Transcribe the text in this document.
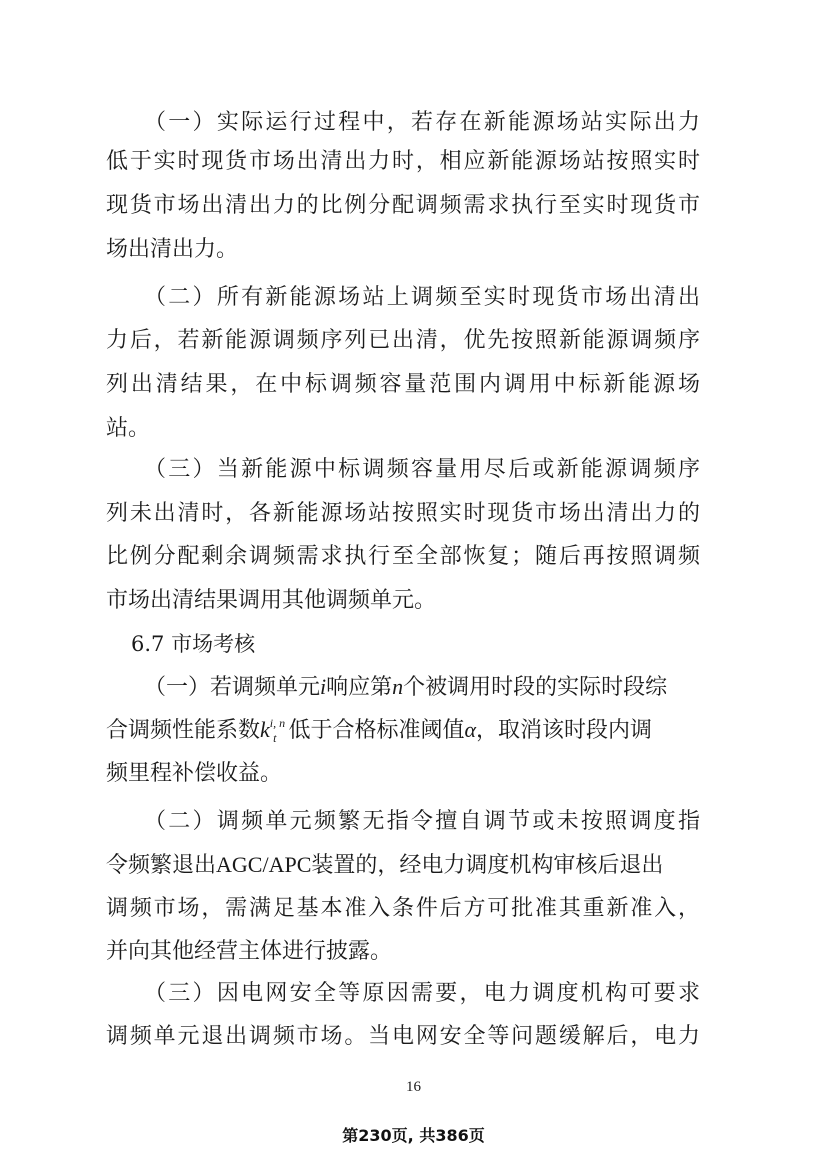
（一）实际运行过程中，若存在新能源场站实际出力
低于实时现货市场出清出力时，相应新能源场站按照实时
现货市场出清出力的比例分配调频需求执行至实时现货市
场出清出力。
（二）所有新能源场站上调频至实时现货市场出清出
力后，若新能源调频序列已出清，优先按照新能源调频序
列出清结果，在中标调频容量范围内调用中标新能源场
站。
（三）当新能源中标调频容量用尽后或新能源调频序
列未出清时，各新能源场站按照实时现货市场出清出力的
比例分配剩余调频需求执行至全部恢复；随后再按照调频
市场出清结果调用其他调频单元。
6.7 市场考核
（一）若调频单元i响应第n个被调用时段的实际时段综
合调频性能系数$k^{i, n}_t$ 低于合格标准阈值α，取消该时段内调
频里程补偿收益。
（二）调频单元频繁无指令擅自调节或未按照调度指
令频繁退出AGC/APC装置的，经电力调度机构审核后退出
调频市场，需满足基本准入条件后方可批准其重新准入，
并向其他经营主体进行披露。
（三）因电网安全等原因需要，电力调度机构可要求
调频单元退出调频市场。当电网安全等问题缓解后，电力
16
第230页, 共386页
